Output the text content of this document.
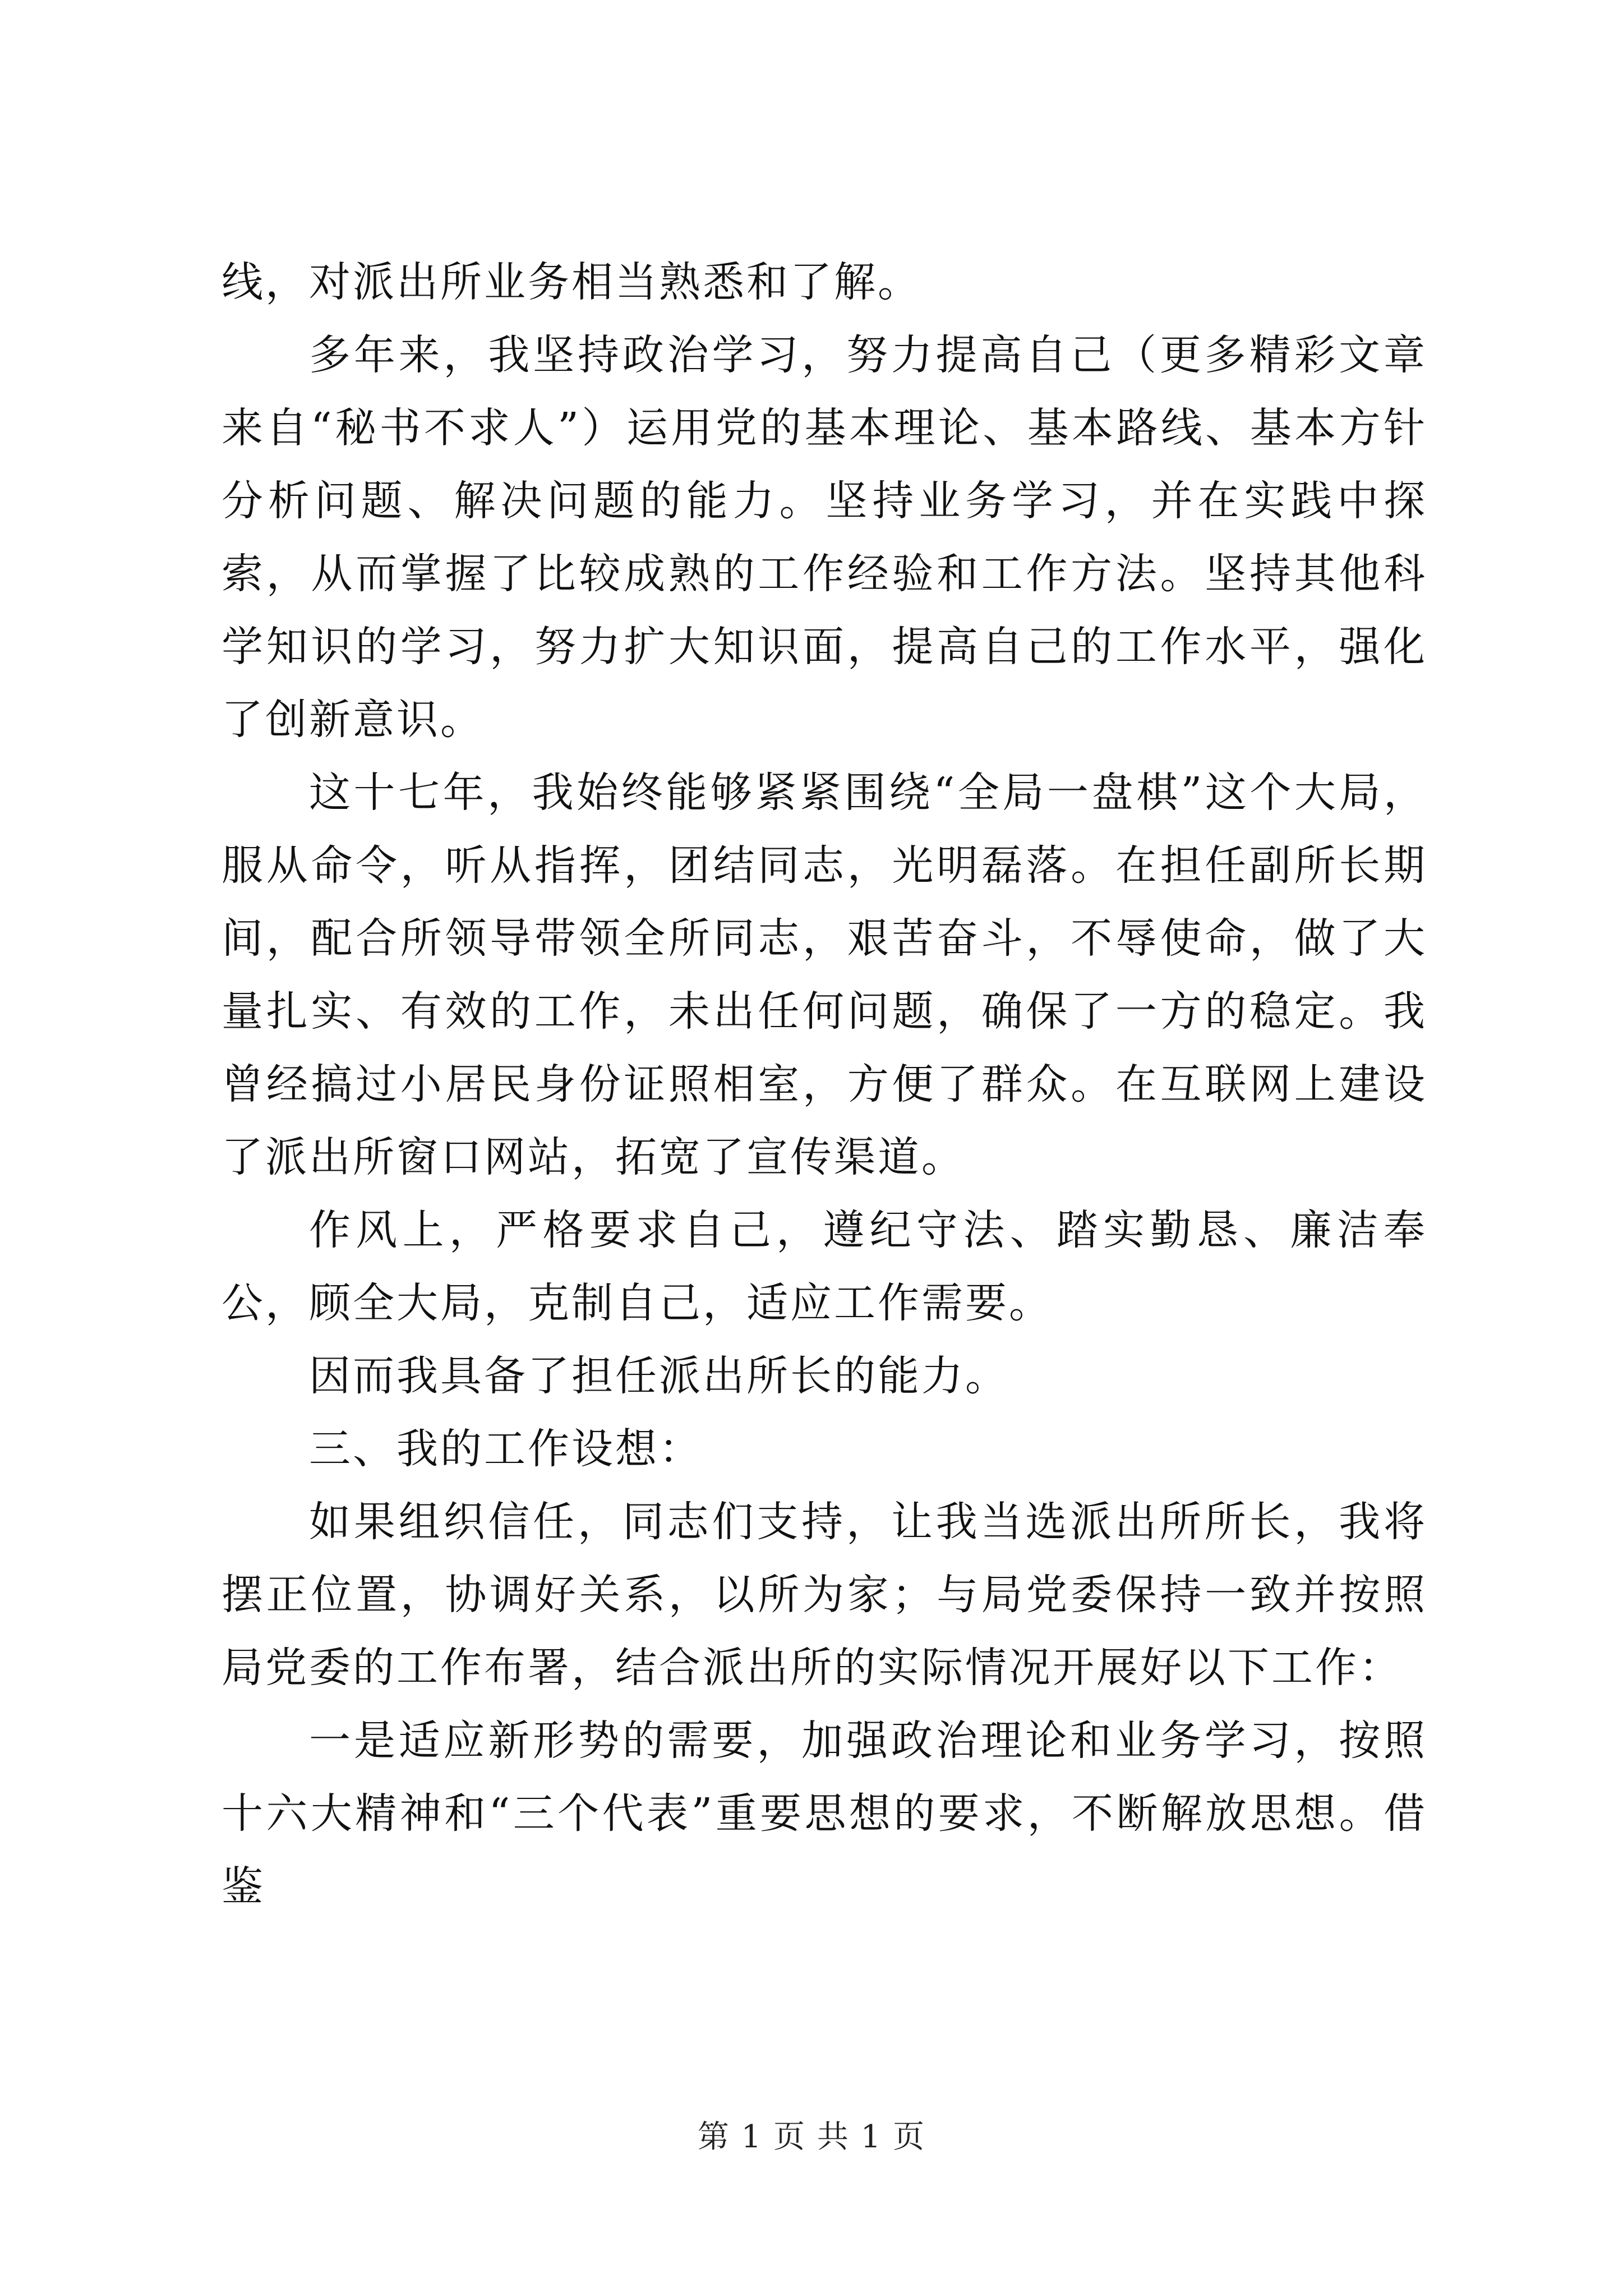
线，对派出所业务相当熟悉和了解。

多年来，我坚持政治学习，努力提高自己（更多精彩文章来自“秘书不求人”）运用党的基本理论、基本路线、基本方针分析问题、解决问题的能力。坚持业务学习，并在实践中探索，从而掌握了比较成熟的工作经验和工作方法。坚持其他科学知识的学习，努力扩大知识面，提高自己的工作水平，强化了创新意识。

这十七年，我始终能够紧紧围绕“全局一盘棋”这个大局，服从命令，听从指挥，团结同志，光明磊落。在担任副所长期间，配合所领导带领全所同志，艰苦奋斗，不辱使命，做了大量扎实、有效的工作，未出任何问题，确保了一方的稳定。我曾经搞过小居民身份证照相室，方便了群众。在互联网上建设了派出所窗口网站，拓宽了宣传渠道。

作风上，严格要求自己，遵纪守法、踏实勤恳、廉洁奉公，顾全大局，克制自己，适应工作需要。

因而我具备了担任派出所长的能力。

三、我的工作设想：

如果组织信任，同志们支持，让我当选派出所所长，我将摆正位置，协调好关系，以所为家；与局党委保持一致并按照局党委的工作布署，结合派出所的实际情况开展好以下工作：

一是适应新形势的需要，加强政治理论和业务学习，按照十六大精神和“三个代表”重要思想的要求，不断解放思想。借鉴

第 1 页 共 1 页
